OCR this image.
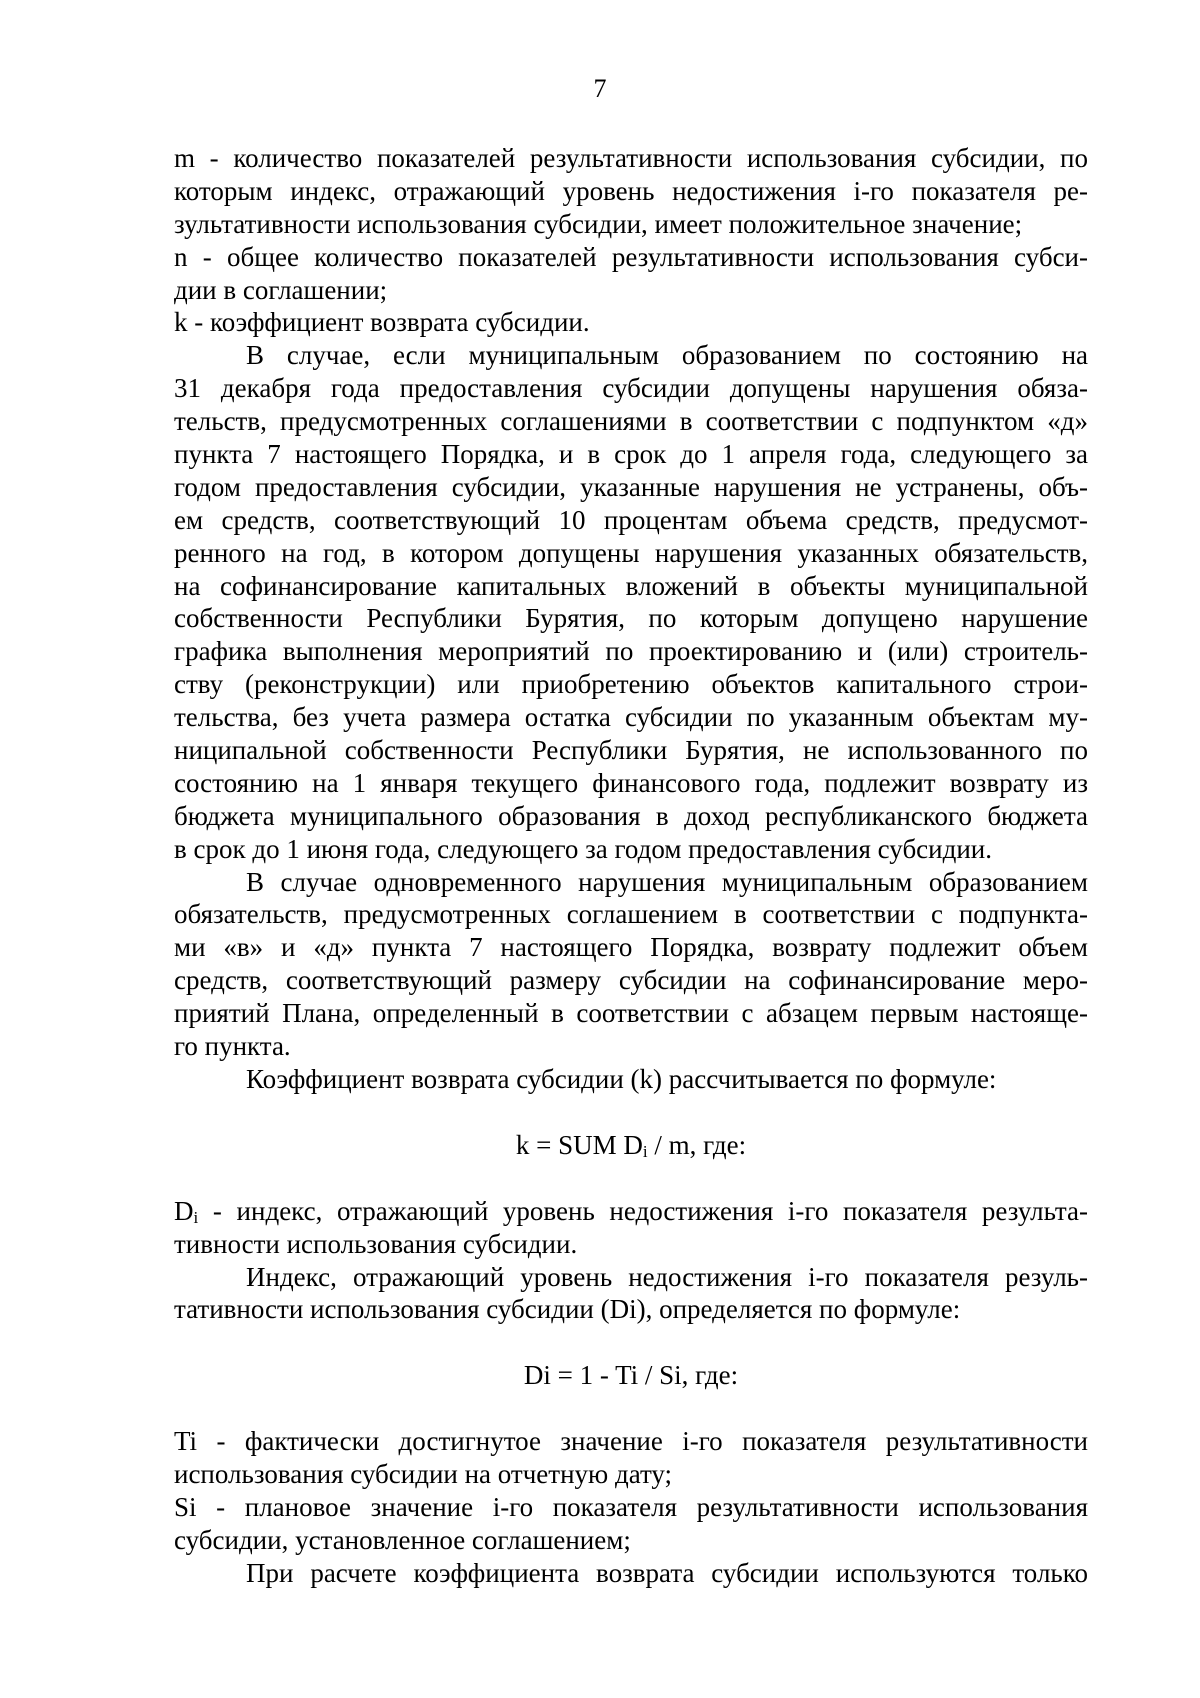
7
m - количество показателей результативности использования субсидии, по
которым индекс, отражающий уровень недостижения i-го показателя ре-
зультативности использования субсидии, имеет положительное значение;
n - общее количество показателей результативности использования субси-
дии в соглашении;
k - коэффициент возврата субсидии.
В случае, если муниципальным образованием по состоянию на
31 декабря года предоставления субсидии допущены нарушения обяза-
тельств, предусмотренных соглашениями в соответствии с подпунктом «д»
пункта 7 настоящего Порядка, и в срок до 1 апреля года, следующего за
годом предоставления субсидии, указанные нарушения не устранены, объ-
ем средств, соответствующий 10 процентам объема средств, предусмот-
ренного на год, в котором допущены нарушения указанных обязательств,
на софинансирование капитальных вложений в объекты муниципальной
собственности Республики Бурятия, по которым допущено нарушение
графика выполнения мероприятий по проектированию и (или) строитель-
ству (реконструкции) или приобретению объектов капитального строи-
тельства, без учета размера остатка субсидии по указанным объектам му-
ниципальной собственности Республики Бурятия, не использованного по
состоянию на 1 января текущего финансового года, подлежит возврату из
бюджета муниципального образования в доход республиканского бюджета
в срок до 1 июня года, следующего за годом предоставления субсидии.
В случае одновременного нарушения муниципальным образованием
обязательств, предусмотренных соглашением в соответствии с подпункта-
ми «в» и «д» пункта 7 настоящего Порядка, возврату подлежит объем
средств, соответствующий размеру субсидии на софинансирование меро-
приятий Плана, определенный в соответствии с абзацем первым настояще-
го пункта.
Коэффициент возврата субсидии (k) рассчитывается по формуле:
k = SUM $D_i$ / m, где:
$D_i$ - индекс, отражающий уровень недостижения i-го показателя результа-
тивности использования субсидии.
Индекс, отражающий уровень недостижения i-го показателя резуль-
тативности использования субсидии (Di), определяется по формуле:
Di = 1 - Ti / Si, где:
Ti - фактически достигнутое значение i-го показателя результативности
использования субсидии на отчетную дату;
Si - плановое значение i-го показателя результативности использования
субсидии, установленное соглашением;
При расчете коэффициента возврата субсидии используются только
